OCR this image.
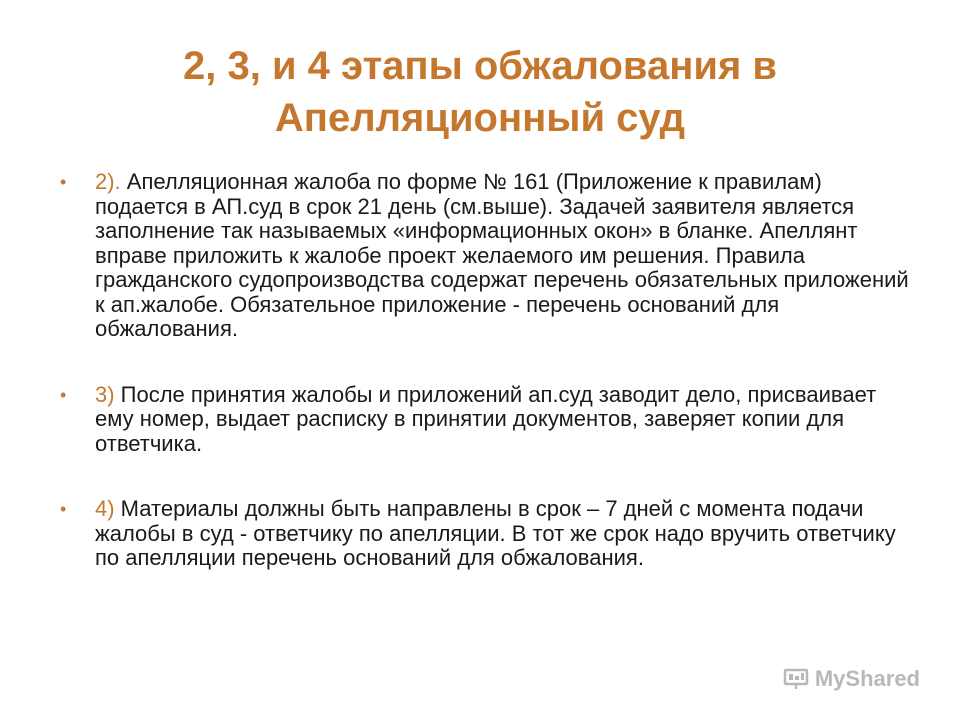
2, 3, и 4 этапы обжалования в Апелляционный суд
• 2). Апелляционная жалоба по форме № 161 (Приложение к правилам) подается в АП.суд в срок 21 день (см.выше). Задачей заявителя является заполнение так называемых «информационных окон» в бланке. Апеллянт вправе приложить к жалобе проект желаемого им решения. Правила гражданского судопроизводства содержат перечень обязательных приложений к ап.жалобе. Обязательное приложение - перечень оснований для обжалования.
• 3) После принятия жалобы и приложений ап.суд заводит дело, присваивает ему номер, выдает расписку в принятии документов, заверяет копии для ответчика.
• 4) Материалы должны быть направлены в срок – 7 дней с момента подачи жалобы в суд - ответчику по апелляции. В тот же срок надо вручить ответчику по апелляции перечень оснований для обжалования.
MyShared
